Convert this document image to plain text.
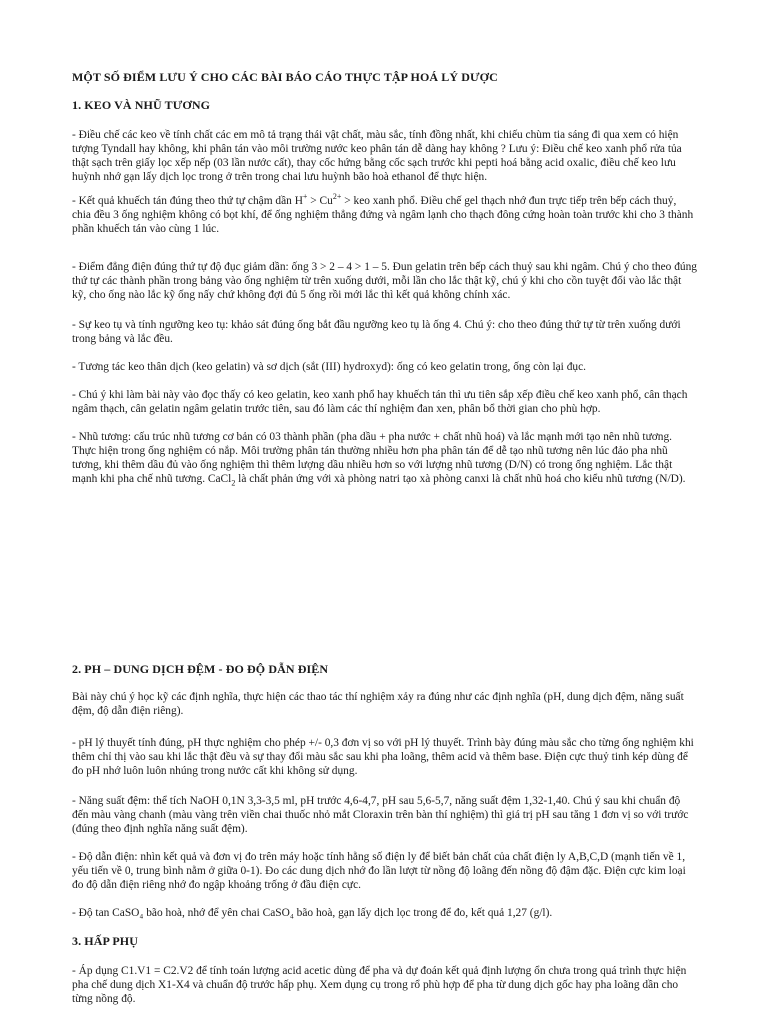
MỘT SỐ ĐIỂM LƯU Ý CHO CÁC BÀI BÁO CÁO THỰC TẬP HOÁ LÝ DƯỢC

1. KEO VÀ NHŨ TƯƠNG

- Điều chế các keo về tính chất các em mô tả trạng thái vật chất, màu sắc, tính đồng nhất, khi chiếu chùm tia sáng đi qua xem có hiện tượng Tyndall hay không, khi phân tán vào môi trường nước keo phân tán dễ dàng hay không ? Lưu ý: Điều chế keo xanh phổ rửa tủa thật sạch trên giấy lọc xếp nếp (03 lần nước cất), thay cốc hứng bằng cốc sạch trước khi pepti hoá bằng acid oxalic, điều chế keo lưu huỳnh nhớ gạn lấy dịch lọc trong ở trên trong chai lưu huỳnh bão hoà ethanol để thực hiện.

- Kết quả khuếch tán đúng theo thứ tự chậm dần $H^+ > Cu^{2+}$ > keo xanh phổ. Điều chế gel thạch nhớ đun trực tiếp trên bếp cách thuỷ, chia đều 3 ống nghiệm không có bọt khí, để ống nghiệm thẳng đứng và ngâm lạnh cho thạch đông cứng hoàn toàn trước khi cho 3 thành phần khuếch tán vào cùng 1 lúc.

- Điểm đẳng điện đúng thứ tự độ đục giảm dần: ống 3 > 2 – 4 > 1 – 5. Đun gelatin trên bếp cách thuỷ sau khi ngâm. Chú ý cho theo đúng thứ tự các thành phần trong bảng vào ống nghiệm từ trên xuống dưới, mỗi lần cho lắc thật kỹ, chú ý khi cho cồn tuyệt đối vào lắc thật kỹ, cho ống nào lắc kỹ ống nấy chứ không đợi đủ 5 ống rồi mới lắc thì kết quả không chính xác.

- Sự keo tụ và tính ngưỡng keo tụ: khảo sát đúng ống bắt đầu ngưỡng keo tụ là ống 4. Chú ý: cho theo đúng thứ tự từ trên xuống dưới trong bảng và lắc đều.

- Tương tác keo thân dịch (keo gelatin) và sơ dịch (sắt (III) hydroxyd): ống có keo gelatin trong, ống còn lại đục.

- Chú ý khi làm bài này vào đọc thấy có keo gelatin, keo xanh phổ hay khuếch tán thì ưu tiên sắp xếp điều chế keo xanh phổ, cân thạch ngâm thạch, cân gelatin ngâm gelatin trước tiên, sau đó làm các thí nghiệm đan xen, phân bổ thời gian cho phù hợp.

- Nhũ tương: cấu trúc nhũ tương cơ bản có 03 thành phần (pha dầu + pha nước + chất nhũ hoá) và lắc mạnh mới tạo nên nhũ tương. Thực hiện trong ống nghiệm có nắp. Môi trường phân tán thường nhiều hơn pha phân tán để dễ tạo nhũ tương nên lúc đảo pha nhũ tương, khi thêm dầu đủ vào ống nghiệm thì thêm lượng dầu nhiều hơn so với lượng nhũ tương (D/N) có trong ống nghiệm. Lắc thật mạnh khi pha chế nhũ tương. CaCl$_2$ là chất phản ứng với xà phòng natri tạo xà phòng canxi là chất nhũ hoá cho kiểu nhũ tương (N/D).

2. PH – DUNG DỊCH ĐỆM - ĐO ĐỘ DẪN ĐIỆN

Bài này chú ý học kỹ các định nghĩa, thực hiện các thao tác thí nghiệm xảy ra đúng như các định nghĩa (pH, dung dịch đệm, năng suất đệm, độ dẫn điện riêng).

- pH lý thuyết tính đúng, pH thực nghiệm cho phép +/- 0,3 đơn vị so với pH lý thuyết. Trình bày đúng màu sắc cho từng ống nghiệm khi thêm chỉ thị vào sau khi lắc thật đều và sự thay đổi màu sắc sau khi pha loãng, thêm acid và thêm base. Điện cực thuỷ tinh kép dùng để đo pH nhớ luôn luôn nhúng trong nước cất khi không sử dụng.

- Năng suất đệm: thể tích NaOH 0,1N 3,3-3,5 ml, pH trước 4,6-4,7, pH sau 5,6-5,7, năng suất đệm 1,32-1,40. Chú ý sau khi chuẩn độ đến màu vàng chanh (màu vàng trên viền chai thuốc nhỏ mắt Cloraxin trên bàn thí nghiệm) thì giá trị pH sau tăng 1 đơn vị so với trước (đúng theo định nghĩa năng suất đệm).

- Độ dẫn điện: nhìn kết quả và đơn vị đo trên máy hoặc tính hằng số điện ly để biết bản chất của chất điện ly A,B,C,D (mạnh tiến về 1, yếu tiến về 0, trung bình nằm ở giữa 0-1). Đo các dung dịch nhớ đo lần lượt từ nồng độ loãng đến nồng độ đậm đặc. Điện cực kim loại đo độ dẫn điện riêng nhớ đo ngập khoảng trống ở đầu điện cực.

- Độ tan CaSO₄ bão hoà, nhớ để yên chai CaSO₄ bão hoà, gạn lấy dịch lọc trong để đo, kết quả 1,27 (g/l).

3. HẤP PHỤ

- Áp dụng C1.V1 = C2.V2 để tính toán lượng acid acetic dùng để pha và dự đoán kết quả định lượng ổn chưa trong quá trình thực hiện pha chế dung dịch X1-X4 và chuẩn độ trước hấp phụ. Xem dụng cụ trong rổ phù hợp để pha từ dung dịch gốc hay pha loãng dần cho từng nồng độ.
